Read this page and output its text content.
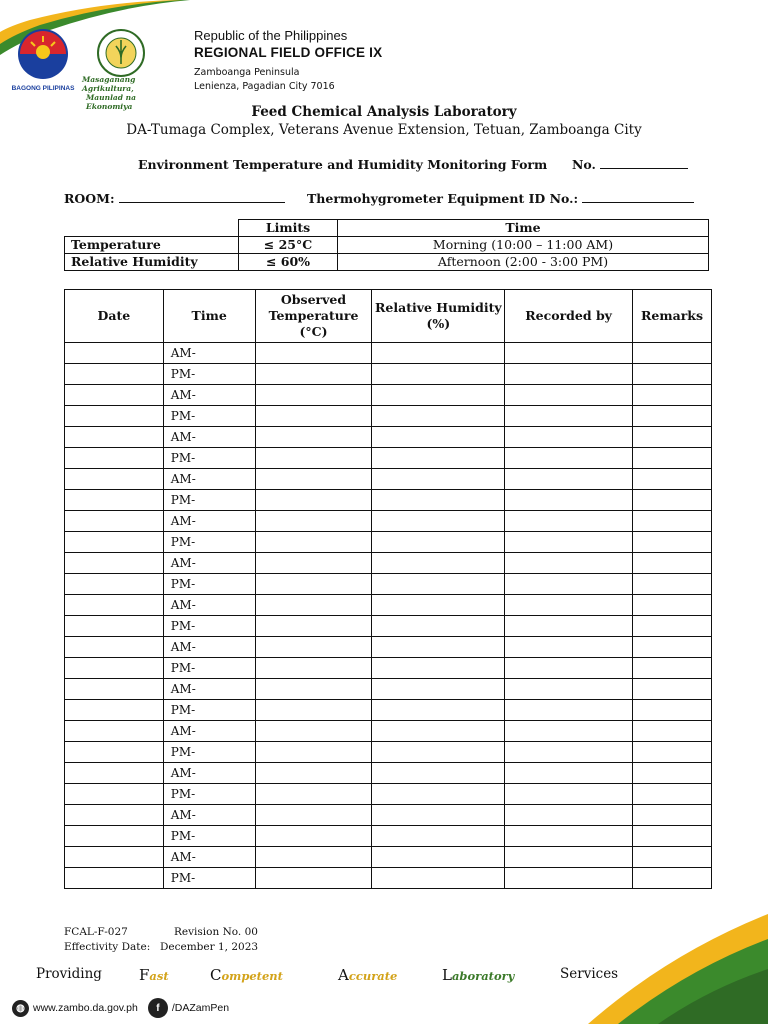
BAGONG PILIPINAS
Masaganang Agrikultura,
Maunlad na Ekonomiya
Republic of the Philippines
REGIONAL FIELD OFFICE IX
Zamboanga Peninsula
Lenienza, Pagadian City 7016
Feed Chemical Analysis Laboratory
DA-Tumaga Complex, Veterans Avenue Extension, Tetuan, Zamboanga City
Environment Temperature and Humidity Monitoring Form No.
ROOM:	Thermohygrometer Equipment ID No.:
	Limits	Time
Temperature	≤ 25°C	Morning (10:00 – 11:00 AM)
Relative Humidity	≤ 60%	Afternoon (2:00 - 3:00 PM)
Date	Time	Observed Temperature (°C)	Relative Humidity (%)	Recorded by	Remarks
	AM-				
	PM-				
	AM-				
	PM-				
	AM-				
	PM-				
	AM-				
	PM-				
	AM-				
	PM-				
	AM-				
	PM-				
	AM-				
	PM-				
	AM-				
	PM-				
	AM-				
	PM-				
	AM-				
	PM-				
	AM-				
	PM-				
	AM-				
	PM-				
	AM-				
	PM-				
FCAL-F-027	Revision No. 00
Effectivity Date: December 1, 2023
Providing Fast	Competent	Accurate	Laboratory	Services
◍ www.zambo.da.gov.ph	f	/DAZamPen
